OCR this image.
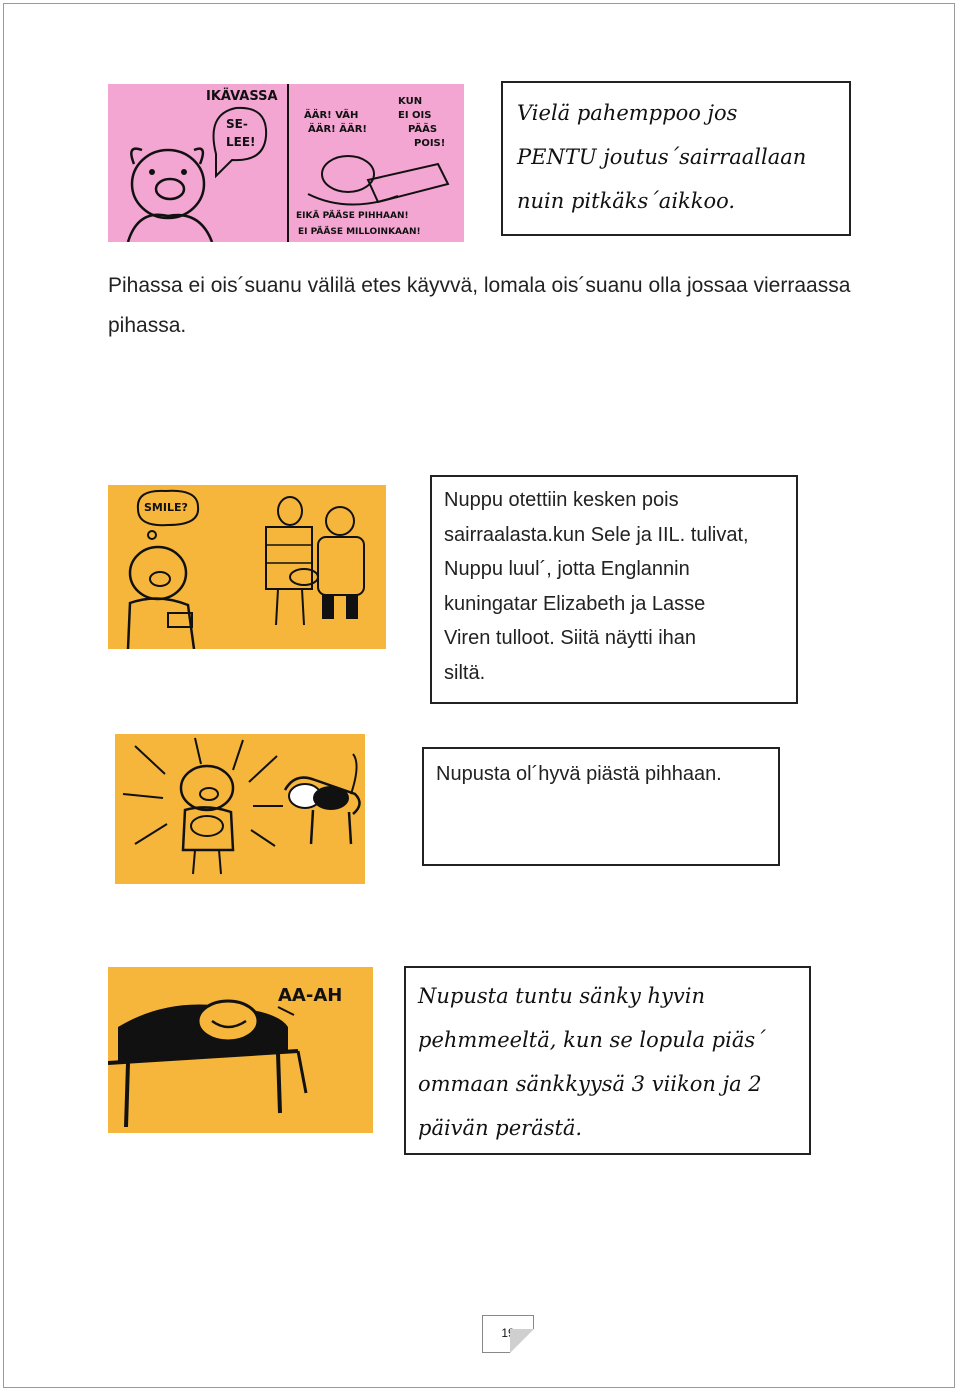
IKÄVASSA
SE-
LEE!
KUN
ÄÄR! VÄH
ÄÄR! ÄÄR!
EI OIS
PÄÄS
POIS!
EIKÄ PÄÄSE PIHHAAN!
EI PÄÄSE MILLOINKAAN!
Vielä pahemppoo jos
PENTU joutus´sairraallaan
nuin pitkäks´aikkoo.
Pihassa ei ois´suanu välilä etes käyvvä, lomala ois´suanu olla jossaa vierraassa pihassa.
SMILE?	Nuppu otettiin kesken pois
sairraalasta.kun Sele ja IIL. tulivat,
Nuppu luul´, jotta Englannin
kuningatar Elizabeth ja Lasse
Viren tulloot. Siitä näytti ihan
siltä.
Nupusta ol´hyvä piästä pihhaan.
AA-AH	Nupusta tuntu sänky hyvin
pehmmeeltä, kun se lopula piäs´
ommaan sänkkyysä 3 viikon ja 2
päivän perästä.
19
